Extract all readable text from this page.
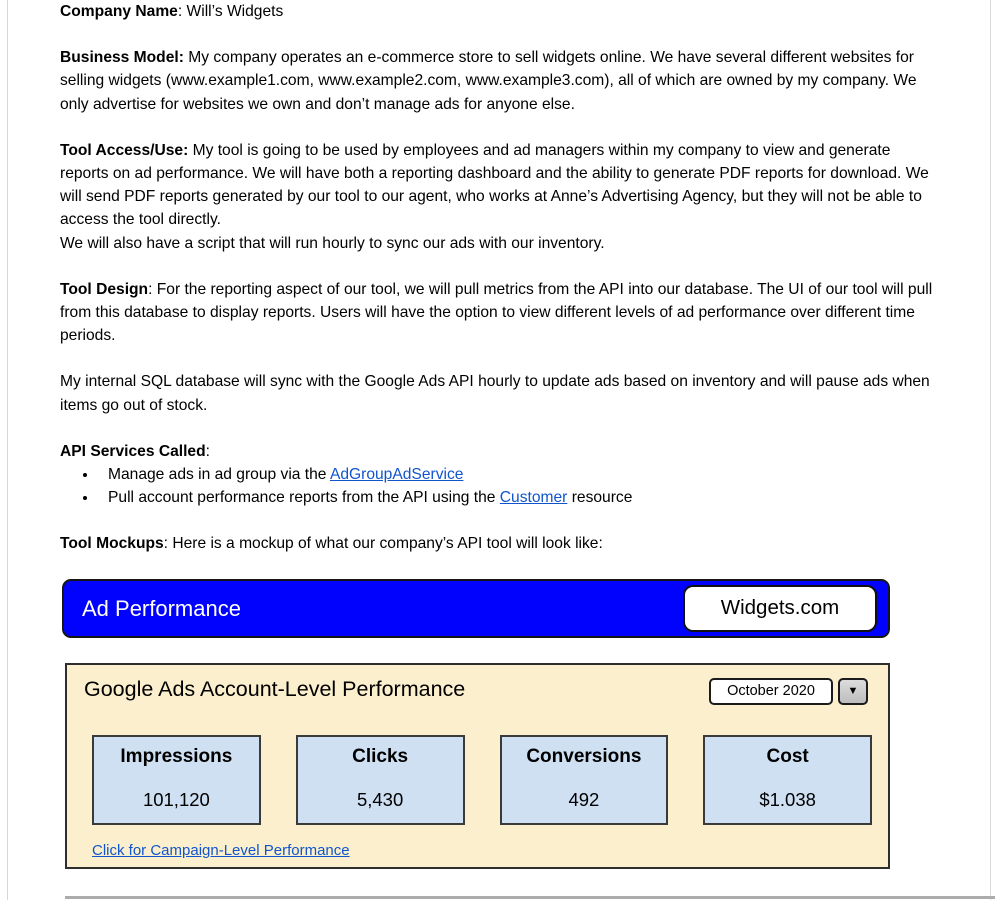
Company Name: Will’s Widgets

Business Model: My company operates an e-commerce store to sell widgets online. We have several different websites for selling widgets (www.example1.com, www.example2.com, www.example3.com), all of which are owned by my company. We only advertise for websites we own and don’t manage ads for anyone else.

Tool Access/Use: My tool is going to be used by employees and ad managers within my company to view and generate reports on ad performance. We will have both a reporting dashboard and the ability to generate PDF reports for download. We will send PDF reports generated by our tool to our agent, who works at Anne’s Advertising Agency, but they will not be able to access the tool directly.

We will also have a script that will run hourly to sync our ads with our inventory.

Tool Design: For the reporting aspect of our tool, we will pull metrics from the API into our database. The UI of our tool will pull from this database to display reports. Users will have the option to view different levels of ad performance over different time periods.

My internal SQL database will sync with the Google Ads API hourly to update ads based on inventory and will pause ads when items go out of stock.

API Services Called:

• Manage ads in ad group via the AdGroupAdService
• Pull account performance reports from the API using the Customer resource

Tool Mockups: Here is a mockup of what our company’s API tool will look like:

Ad Performance	Widgets.com
Google Ads Account-Level Performance	October 2020	▼
Impressions
101,120
Clicks
5,430
Conversions
492
Cost
$1.038
Click for Campaign-Level Performance
